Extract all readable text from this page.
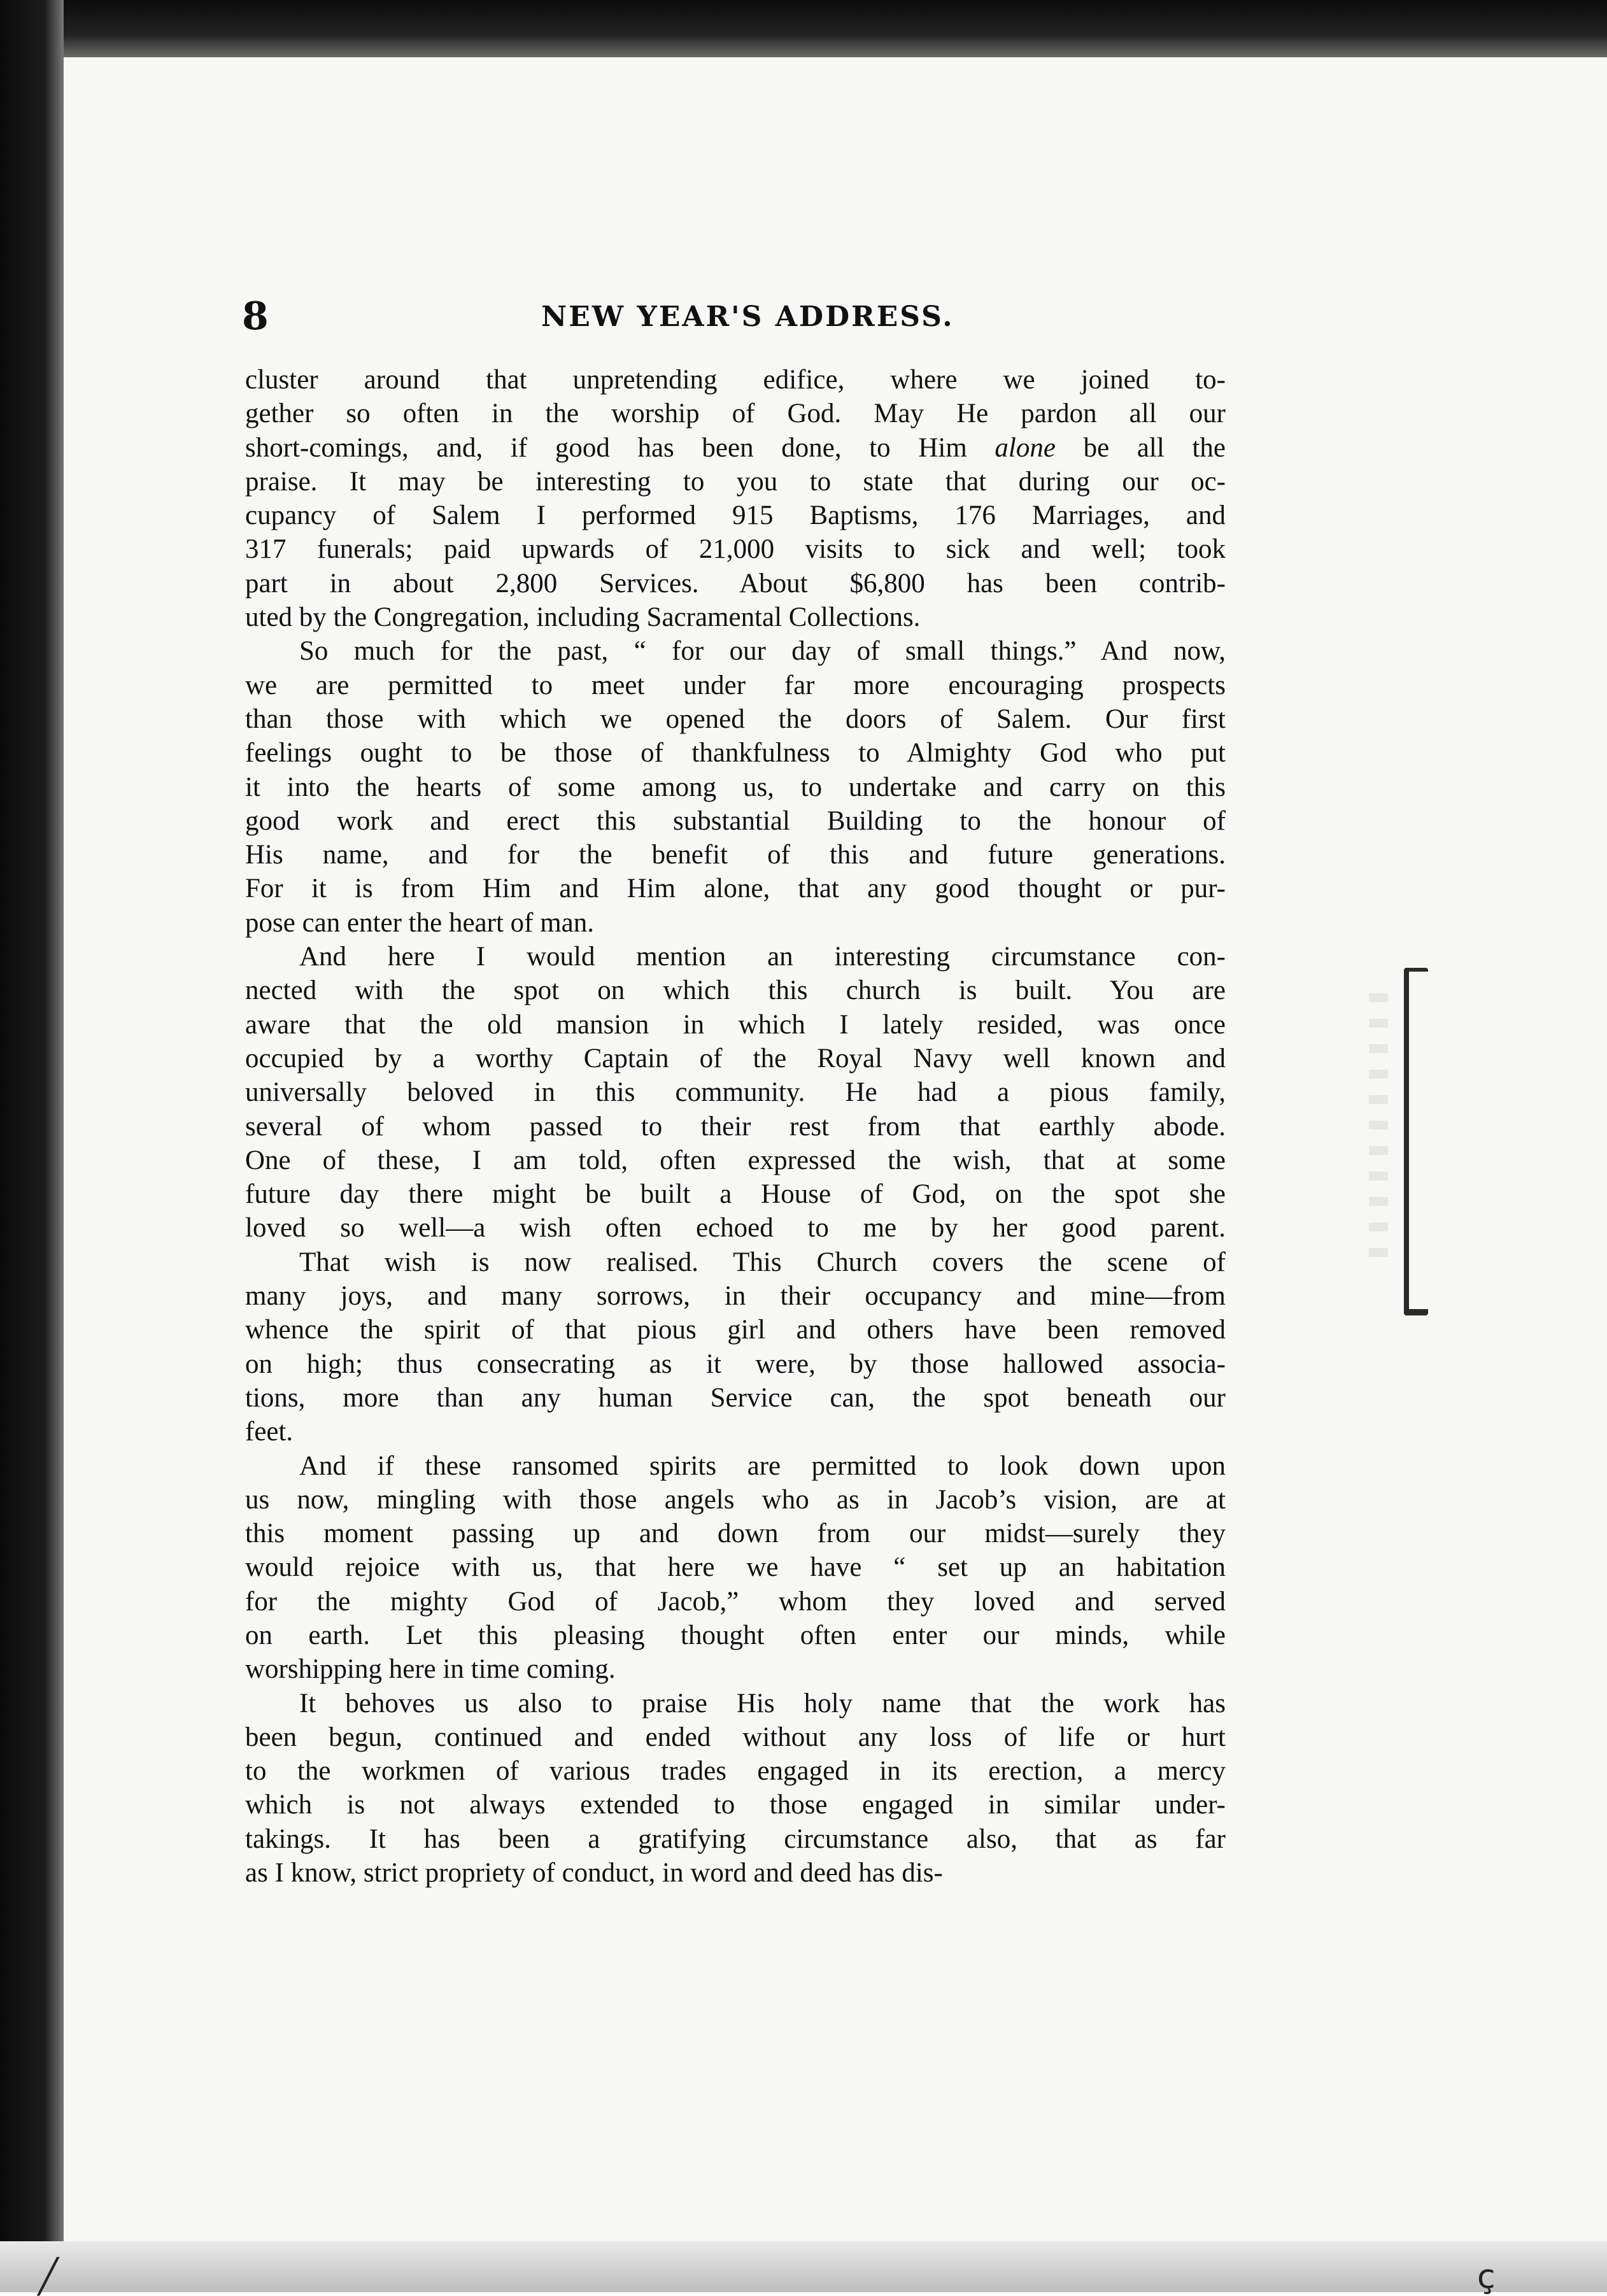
╱	ç
8	NEW YEAR'S ADDRESS.
cluster around that unpretending edifice, where we joined to-
gether so often in the worship of God. May He pardon all our
short-comings, and, if good has been done, to Him alone be all the
praise. It may be interesting to you to state that during our oc-
cupancy of Salem I performed 915 Baptisms, 176 Marriages, and
317 funerals; paid upwards of 21,000 visits to sick and well; took
part in about 2,800 Services. About $6,800 has been contrib-
uted by the Congregation, including Sacramental Collections.
So much for the past, “ for our day of small things.” And now,
we are permitted to meet under far more encouraging prospects
than those with which we opened the doors of Salem. Our first
feelings ought to be those of thankfulness to Almighty God who put
it into the hearts of some among us, to undertake and carry on this
good work and erect this substantial Building to the honour of
His name, and for the benefit of this and future generations.
For it is from Him and Him alone, that any good thought or pur-
pose can enter the heart of man.
And here I would mention an interesting circumstance con-
nected with the spot on which this church is built. You are
aware that the old mansion in which I lately resided, was once
occupied by a worthy Captain of the Royal Navy well known and
universally beloved in this community. He had a pious family,
several of whom passed to their rest from that earthly abode.
One of these, I am told, often expressed the wish, that at some
future day there might be built a House of God, on the spot she
loved so well—a wish often echoed to me by her good parent.
That wish is now realised. This Church covers the scene of
many joys, and many sorrows, in their occupancy and mine—from
whence the spirit of that pious girl and others have been removed
on high; thus consecrating as it were, by those hallowed associa-
tions, more than any human Service can, the spot beneath our
feet.
And if these ransomed spirits are permitted to look down upon
us now, mingling with those angels who as in Jacob’s vision, are at
this moment passing up and down from our midst—surely they
would rejoice with us, that here we have “ set up an habitation
for the mighty God of Jacob,” whom they loved and served
on earth. Let this pleasing thought often enter our minds, while
worshipping here in time coming.
It behoves us also to praise His holy name that the work has
been begun, continued and ended without any loss of life or hurt
to the workmen of various trades engaged in its erection, a mercy
which is not always extended to those engaged in similar under-
takings. It has been a gratifying circumstance also, that as far
as I know, strict propriety of conduct, in word and deed has dis-
